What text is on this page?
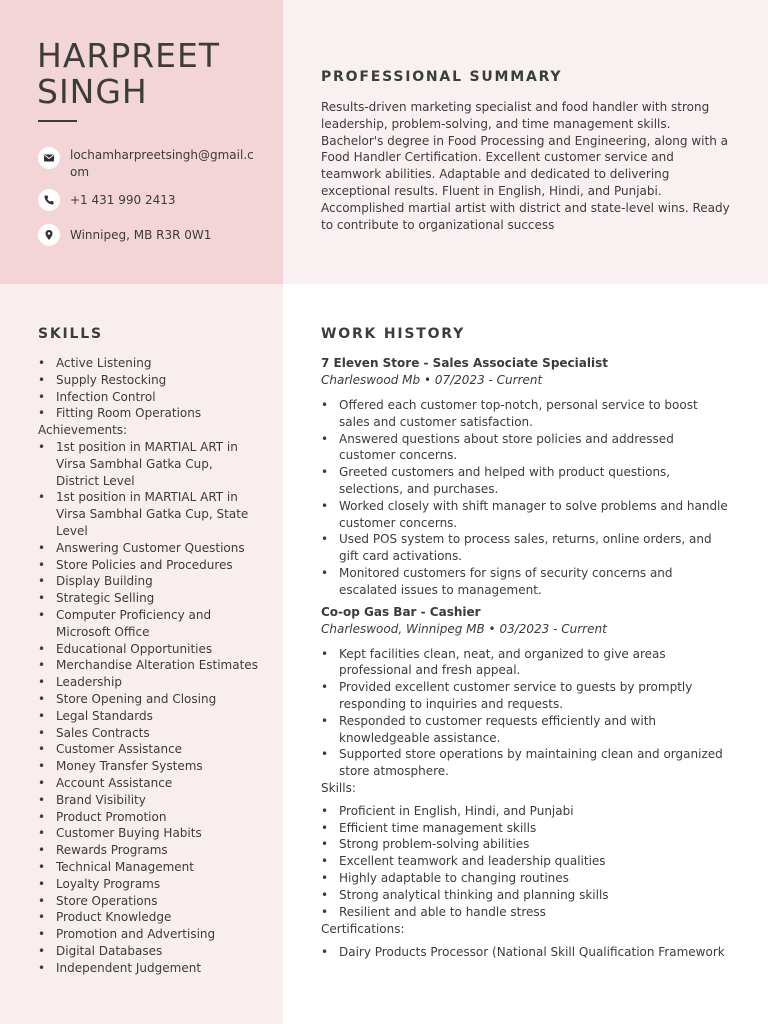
HARPREET
SINGH
lochamharpreetsingh@gmail.com
+1 431 990 2413
Winnipeg, MB R3R 0W1
PROFESSIONAL SUMMARY
Results-driven marketing specialist and food handler with strong leadership, problem-solving, and time management skills. Bachelor's degree in Food Processing and Engineering, along with a Food Handler Certification. Excellent customer service and teamwork abilities. Adaptable and dedicated to delivering exceptional results. Fluent in English, Hindi, and Punjabi. Accomplished martial artist with district and state-level wins. Ready to contribute to organizational success
SKILLS
• Active Listening
• Supply Restocking
• Infection Control
• Fitting Room Operations
Achievements:
• 1st position in MARTIAL ART in Virsa Sambhal Gatka Cup, District Level
• 1st position in MARTIAL ART in Virsa Sambhal Gatka Cup, State Level
• Answering Customer Questions
• Store Policies and Procedures
• Display Building
• Strategic Selling
• Computer Proficiency and Microsoft Office
• Educational Opportunities
• Merchandise Alteration Estimates
• Leadership
• Store Opening and Closing
• Legal Standards
• Sales Contracts
• Customer Assistance
• Money Transfer Systems
• Account Assistance
• Brand Visibility
• Product Promotion
• Customer Buying Habits
• Rewards Programs
• Technical Management
• Loyalty Programs
• Store Operations
• Product Knowledge
• Promotion and Advertising
• Digital Databases
• Independent Judgement
WORK HISTORY
7 Eleven Store - Sales Associate Specialist
Charleswood Mb • 07/2023 - Current
• Offered each customer top-notch, personal service to boost sales and customer satisfaction.
• Answered questions about store policies and addressed customer concerns.
• Greeted customers and helped with product questions, selections, and purchases.
• Worked closely with shift manager to solve problems and handle customer concerns.
• Used POS system to process sales, returns, online orders, and gift card activations.
• Monitored customers for signs of security concerns and escalated issues to management.
Co-op Gas Bar - Cashier
Charleswood, Winnipeg MB • 03/2023 - Current
• Kept facilities clean, neat, and organized to give areas professional and fresh appeal.
• Provided excellent customer service to guests by promptly responding to inquiries and requests.
• Responded to customer requests efficiently and with knowledgeable assistance.
• Supported store operations by maintaining clean and organized store atmosphere.
Skills:
• Proficient in English, Hindi, and Punjabi
• Efficient time management skills
• Strong problem-solving abilities
• Excellent teamwork and leadership qualities
• Highly adaptable to changing routines
• Strong analytical thinking and planning skills
• Resilient and able to handle stress
Certifications:
• Dairy Products Processor (National Skill Qualification Framework
